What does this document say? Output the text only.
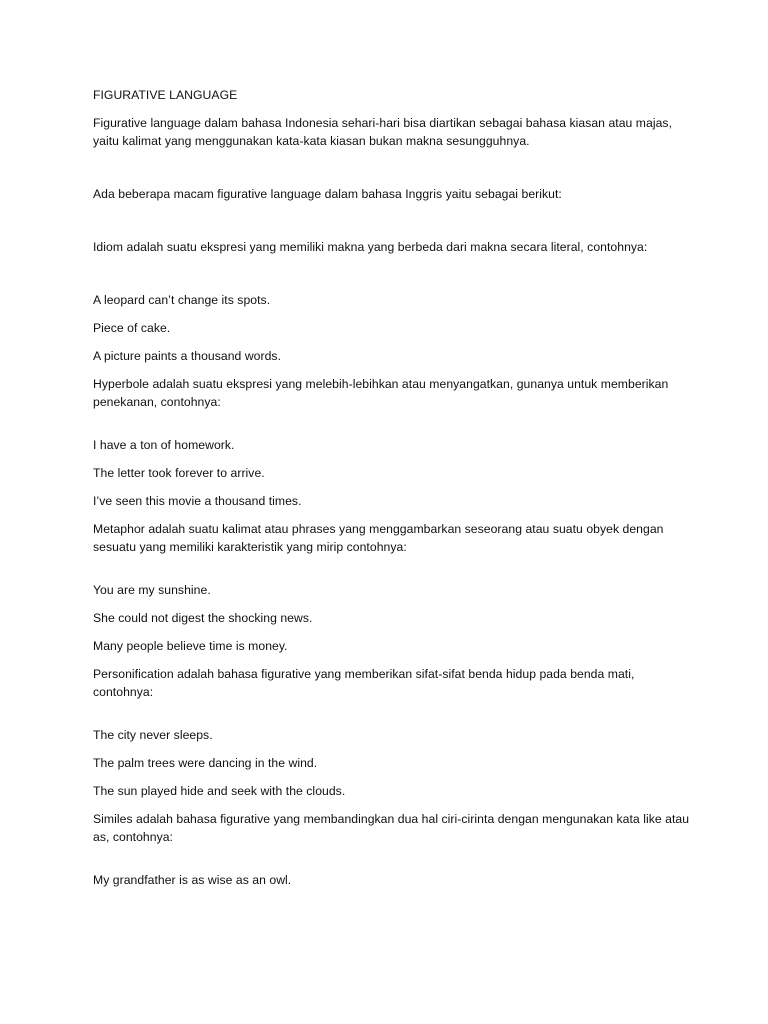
FIGURATIVE LANGUAGE

Figurative language dalam bahasa Indonesia sehari-hari bisa diartikan sebagai bahasa kiasan atau majas, yaitu kalimat yang menggunakan kata-kata kiasan bukan makna sesungguhnya.

Ada beberapa macam figurative language dalam bahasa Inggris yaitu sebagai berikut:

Idiom adalah suatu ekspresi yang memiliki makna yang berbeda dari makna secara literal, contohnya:

A leopard can’t change its spots.

Piece of cake.

A picture paints a thousand words.

Hyperbole adalah suatu ekspresi yang melebih-lebihkan atau menyangatkan, gunanya untuk memberikan penekanan, contohnya:

I have a ton of homework.

The letter took forever to arrive.

I’ve seen this movie a thousand times.

Metaphor adalah suatu kalimat atau phrases yang menggambarkan seseorang atau suatu obyek dengan sesuatu yang memiliki karakteristik yang mirip contohnya:

You are my sunshine.

She could not digest the shocking news.

Many people believe time is money.

Personification adalah bahasa figurative yang memberikan sifat-sifat benda hidup pada benda mati, contohnya:

The city never sleeps.

The palm trees were dancing in the wind.

The sun played hide and seek with the clouds.

Similes adalah bahasa figurative yang membandingkan dua hal ciri-cirinta dengan mengunakan kata like atau as, contohnya:

My grandfather is as wise as an owl.
